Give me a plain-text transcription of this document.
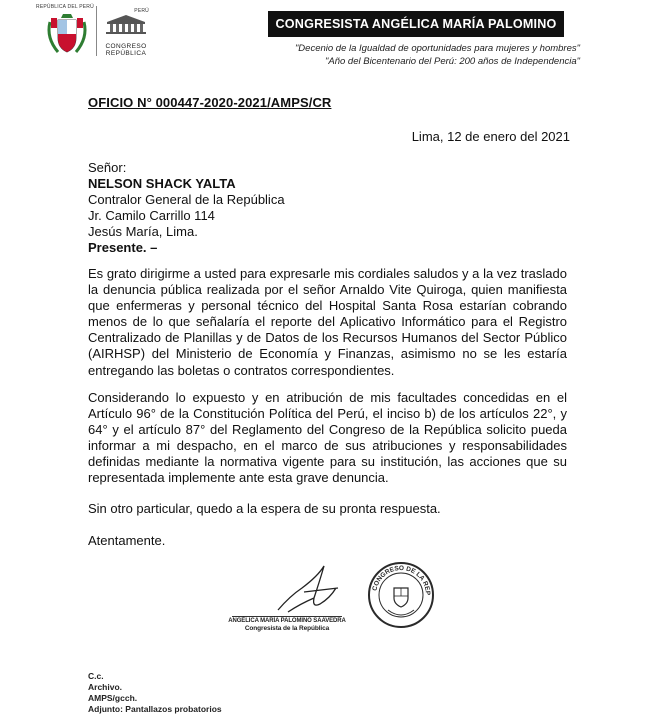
REPÚBLICA DEL PERÚ
PERÚ
CONGRESO
REPÚBLICA
CONGRESISTA ANGÉLICA MARÍA PALOMINO
"Decenio de la Igualdad de oportunidades para mujeres y hombres"
"Año del Bicentenario del Perú: 200 años de Independencia"
OFICIO N° 000447-2020-2021/AMPS/CR
Lima, 12 de enero del 2021
Señor:
NELSON SHACK YALTA
Contralor General de la República
Jr. Camilo Carrillo 114
Jesús María, Lima.
Presente. –
Es grato dirigirme a usted para expresarle mis cordiales saludos y a la vez traslado la denuncia pública realizada por el señor Arnaldo Vite Quiroga, quien manifiesta que enfermeras y personal técnico del Hospital Santa Rosa estarían cobrando menos de lo que señalaría el reporte del Aplicativo Informático para el Registro Centralizado de Planillas y de Datos de los Recursos Humanos del Sector Público (AIRHSP) del Ministerio de Economía y Finanzas, asimismo no se les estaría entregando las boletas o contratos correspondientes.
Considerando lo expuesto y en atribución de mis facultades concedidas en el Artículo 96° de la Constitución Política del Perú, el inciso b) de los artículos 22°, y 64° y el artículo 87° del Reglamento del Congreso de la República solicito pueda informar a mi despacho, en el marco de sus atribuciones y responsabilidades definidas mediante la normativa vigente para su institución, las acciones que su representada implemente ante esta grave denuncia.
Sin otro particular, quedo a la espera de su pronta respuesta.
Atentamente.
ANGÉLICA MARÍA PALOMINO SAAVEDRA
Congresista de la República
CONGRESO DE LA REP
C.c.
Archivo.
AMPS/gcch.
Adjunto: Pantallazos probatorios
